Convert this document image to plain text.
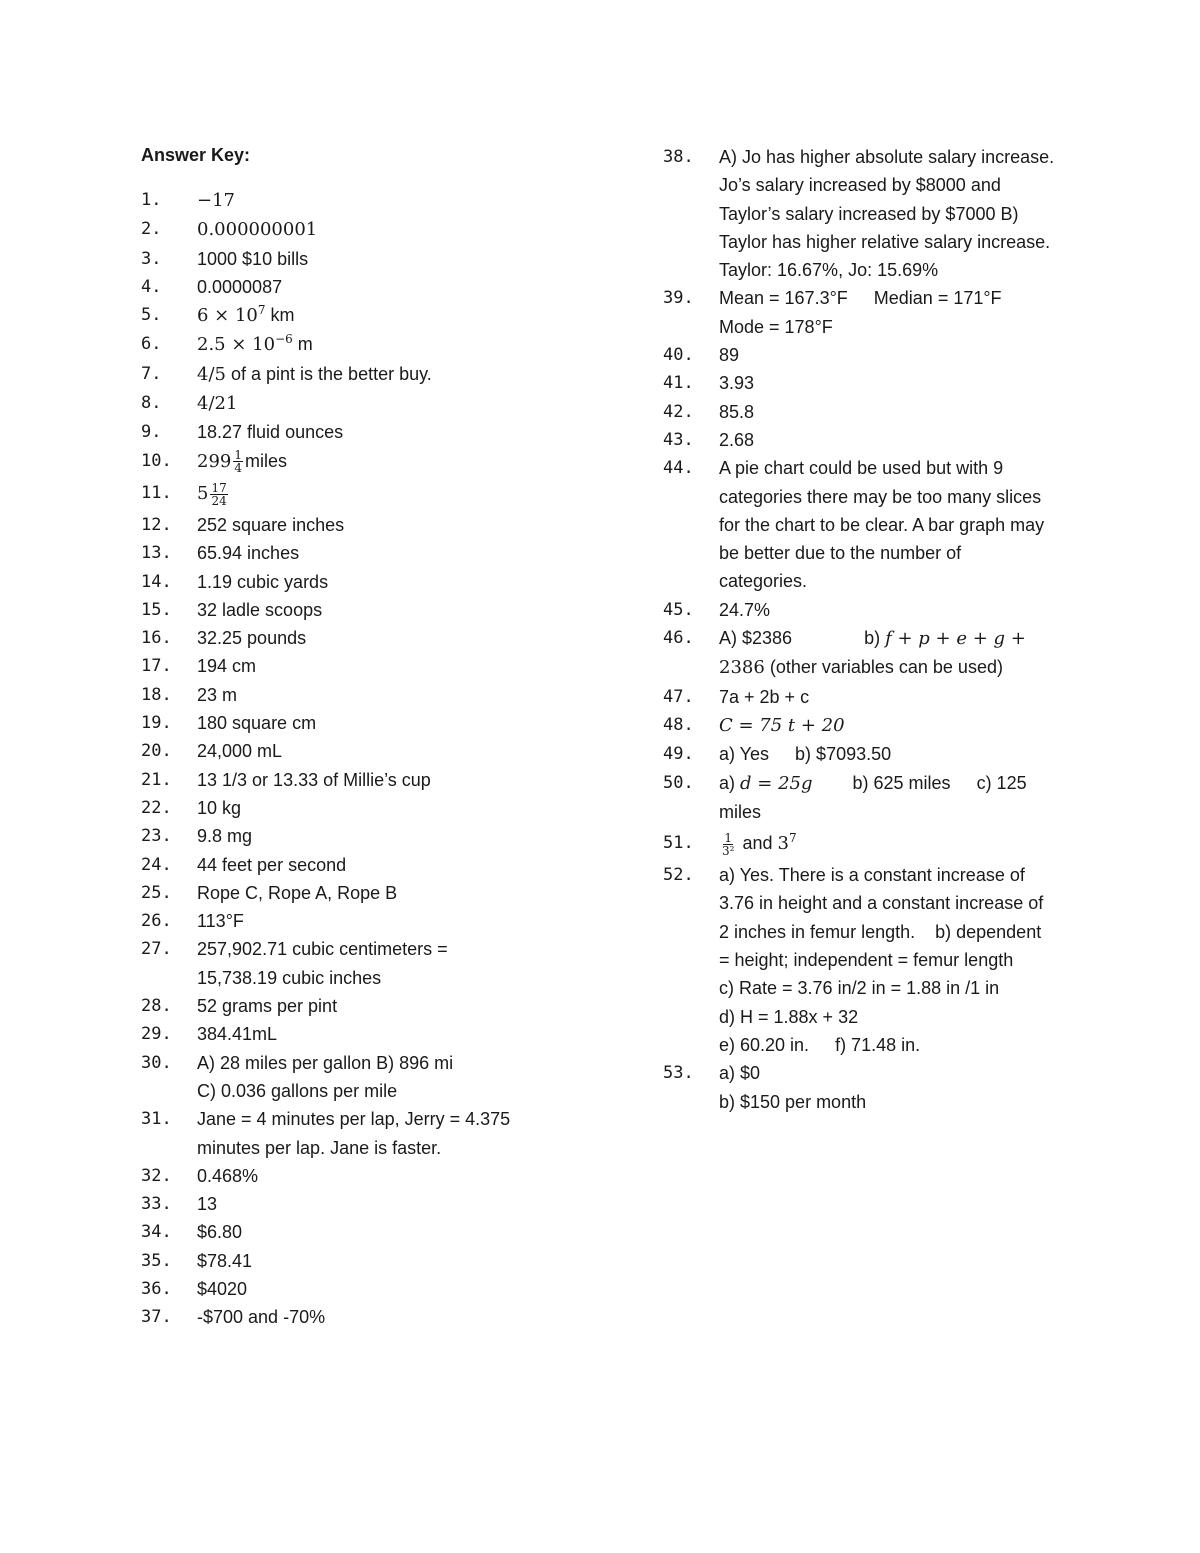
Answer Key:
1.	−17
2.	0.000000001
3.	1000 $10 bills
4.	0.0000087
5.	$6 \times 10^7$ km
6.	$2.5 \times 10^{-6}$ m
7.	4/5 of a pint is the better buy.
8.	4/21
9.	18.27 fluid ounces
10.	$299 \frac{1}{4}$ miles
11.	$5 \frac{17}{24}$
12.	252 square inches
13.	65.94 inches
14.	1.19 cubic yards
15.	32 ladle scoops
16.	32.25 pounds
17.	194 cm
18.	23 m
19.	180 square cm
20.	24,000 mL
21.	13 1/3 or 13.33 of Millie’s cup
22.	10 kg
23.	9.8 mg
24.	44 feet per second
25.	Rope C, Rope A, Rope B
26.	113°F
27.	257,902.71 cubic centimeters =
15,738.19 cubic inches
28.	52 grams per pint
29.	384.41mL
30.	A) 28 miles per gallon B) 896 mi
C) 0.036 gallons per mile
31.	Jane = 4 minutes per lap, Jerry = 4.375
minutes per lap. Jane is faster.
32.	0.468%
33.	13
34.	$6.80
35.	$78.41
36.	$4020
37.	-$700 and -70%
38.	A) Jo has higher absolute salary increase.
Jo’s salary increased by $8000 and
Taylor’s salary increased by $7000 B)
Taylor has higher relative salary increase.
Taylor: 16.67%, Jo: 15.69%
39.	Mean = 167.3°F Median = 171°F
Mode = 178°F
40.	89
41.	3.93
42.	85.8
43.	2.68
44.	A pie chart could be used but with 9
categories there may be too many slices
for the chart to be clear. A bar graph may
be better due to the number of
categories.
45.	24.7%
46.	A) $2386	b) f + p + e + g +
2386 (other variables can be used)
47.	7a + 2b + c
48.	C = 75 t + 20
49.	a) Yes b) $7093.50
50.	a) d = 25g b) 625 miles c) 125
miles
51.	$\frac{1}{\text{3²}}$ and $3^7$
52.	a) Yes. There is a constant increase of
3.76 in height and a constant increase of
2 inches in femur length.    b) dependent
= height; independent = femur length
c) Rate = 3.76 in/2 in = 1.88 in /1 in
d) H = 1.88x + 32
e) 60.20 in. f) 71.48 in.
53.	a) $0
b) $150 per month
